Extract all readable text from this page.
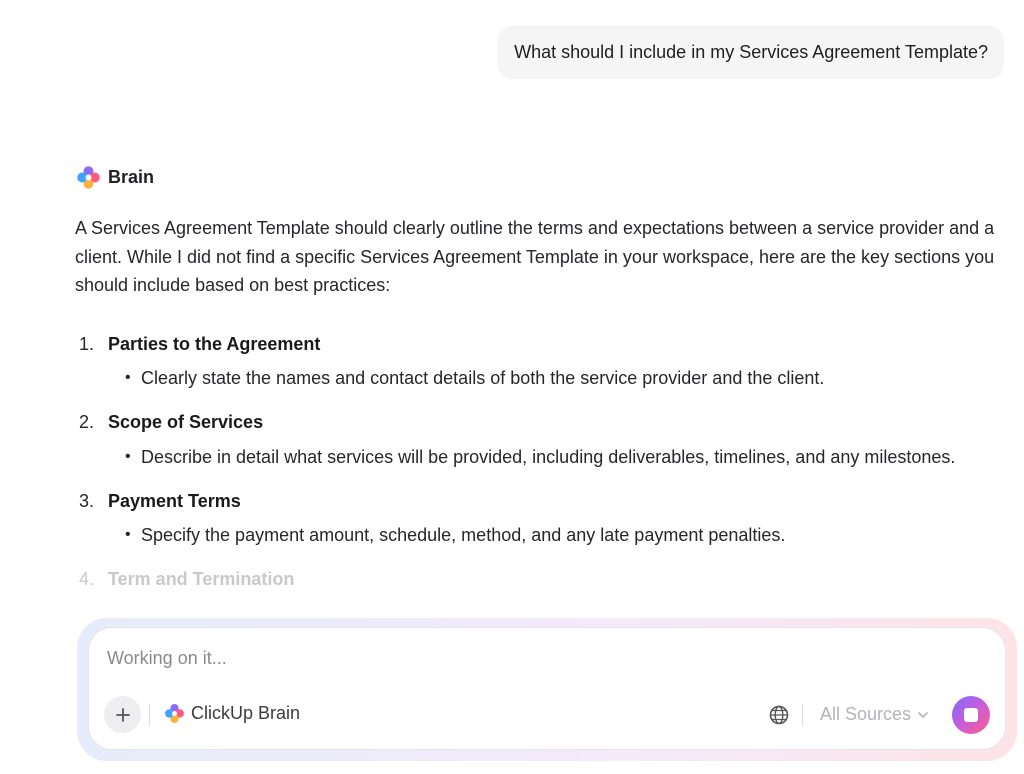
What should I include in my Services Agreement Template?
Brain

A Services Agreement Template should clearly outline the terms and expectations between a service provider and a client. While I did not find a specific Services Agreement Template in your workspace, here are the key sections you should include based on best practices:

1. Parties to the Agreement
• Clearly state the names and contact details of both the service provider and the client.
2. Scope of Services
• Describe in detail what services will be provided, including deliverables, timelines, and any milestones.
3. Payment Terms
• Specify the payment amount, schedule, method, and any late payment penalties.
4. Term and Termination
Working on it...
ClickUp Brain	All Sources
